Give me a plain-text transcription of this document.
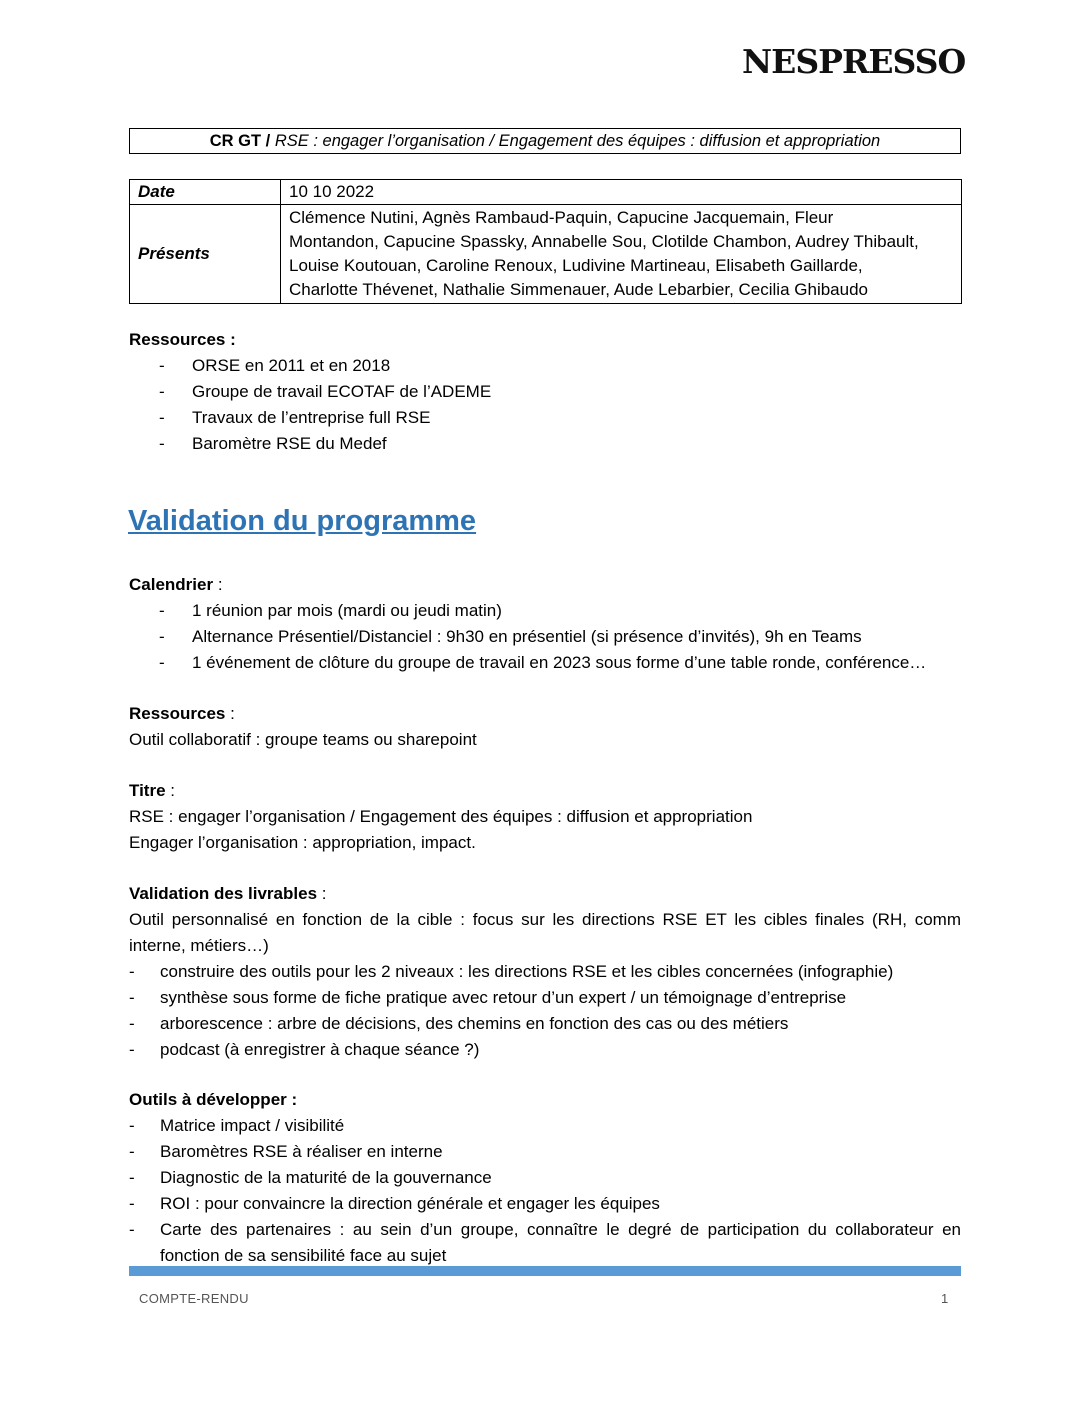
NESPRESSO
CR GT / RSE : engager l’organisation / Engagement des équipes : diffusion et appropriation
Date	10 10 2022
Présents	Clémence Nutini, Agnès Rambaud-Paquin, Capucine Jacquemain, Fleur
Montandon, Capucine Spassky, Annabelle Sou, Clotilde Chambon, Audrey Thibault,
Louise Koutouan, Caroline Renoux, Ludivine Martineau, Elisabeth Gaillarde,
Charlotte Thévenet, Nathalie Simmenauer, Aude Lebarbier, Cecilia Ghibaudo
Ressources :
- ORSE en 2011 et en 2018
- Groupe de travail ECOTAF de l’ADEME
- Travaux de l’entreprise full RSE
- Baromètre RSE du Medef
Validation du programme
Calendrier :
- 1 réunion par mois (mardi ou jeudi matin)
- Alternance Présentiel/Distanciel : 9h30 en présentiel (si présence d’invités), 9h en Teams
- 1 événement de clôture du groupe de travail en 2023 sous forme d’une table ronde, conférence…
Ressources :
Outil collaboratif : groupe teams ou sharepoint
Titre :
RSE : engager l’organisation / Engagement des équipes : diffusion et appropriation
Engager l’organisation : appropriation, impact.
Validation des livrables :
Outil personnalisé en fonction de la cible : focus sur les directions RSE ET les cibles finales (RH, comm interne, métiers…)
- construire des outils pour les 2 niveaux : les directions RSE et les cibles concernées (infographie)
- synthèse sous forme de fiche pratique avec retour d’un expert / un témoignage d’entreprise
- arborescence : arbre de décisions, des chemins en fonction des cas ou des métiers
- podcast (à enregistrer à chaque séance ?)
Outils à développer :
- Matrice impact / visibilité
- Baromètres RSE à réaliser en interne
- Diagnostic de la maturité de la gouvernance
- ROI : pour convaincre la direction générale et engager les équipes
- Carte des partenaires : au sein d’un groupe, connaître le degré de participation du collaborateur en fonction de sa sensibilité face au sujet
COMPTE-RENDU	1
